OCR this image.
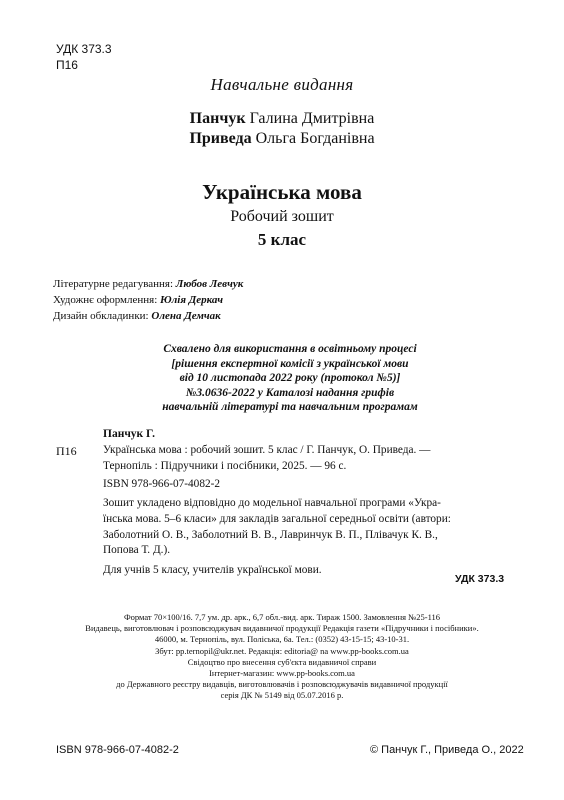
УДК 373.3
П16
Навчальне видання
Панчук Галина Дмитрівна
Приведа Ольга Богданівна
Українська мова
Робочий зошит
5 клас
Літературне редагування: Любов Левчук
Художнє оформлення: Юлія Деркач
Дизайн обкладинки: Олена Демчак
Схвалено для використання в освітньому процесі
[рішення експертної комісії з української мови
від 10 листопада 2022 року (протокол №5)]
№3.0636-2022 у Каталозі надання грифів
навчальній літературі та навчальним програмам
Панчук Г.
П16 Українська мова : робочий зошит. 5 клас / Г. Панчук, О. Приведа. —
Тернопіль : Підручники і посібники, 2025. — 96 с.
ISBN 978-966-07-4082-2
Зошит укладено відповідно до модельної навчальної програми «Укра-
їнська мова. 5–6 класи» для закладів загальної середньої освіти (автори:
Заболотний О. В., Заболотний В. В., Лавринчук В. П., Плівачук К. В.,
Попова Т. Д.).
Для учнів 5 класу, учителів української мови.
УДК 373.3
Формат 70×100/16. 7,7 ум. др. арк., 6,7 обл.-вид. арк. Тираж 1500. Замовлення №25-116
Видавець, виготовлювач і розповсюджувач видавничої продукції Редакція газети «Підручники і посібники».
46000, м. Тернопіль, вул. Поліська, 6а. Тел.: (0352) 43-15-15; 43-10-31.
Збут: pp.ternopil@ukr.net. Редакція: editoria@ na www.pp-books.com.ua
Свідоцтво про внесення суб'єкта видавничої справи
Інтернет-магазин: www.pp-books.com.ua
до Державного реєстру видавців, виготовлювачів і розповсюджувачів видавничої продукції
серія ДК № 5149 від 05.07.2016 р.
ISBN 978-966-07-4082-2	© Панчук Г., Приведа О., 2022
